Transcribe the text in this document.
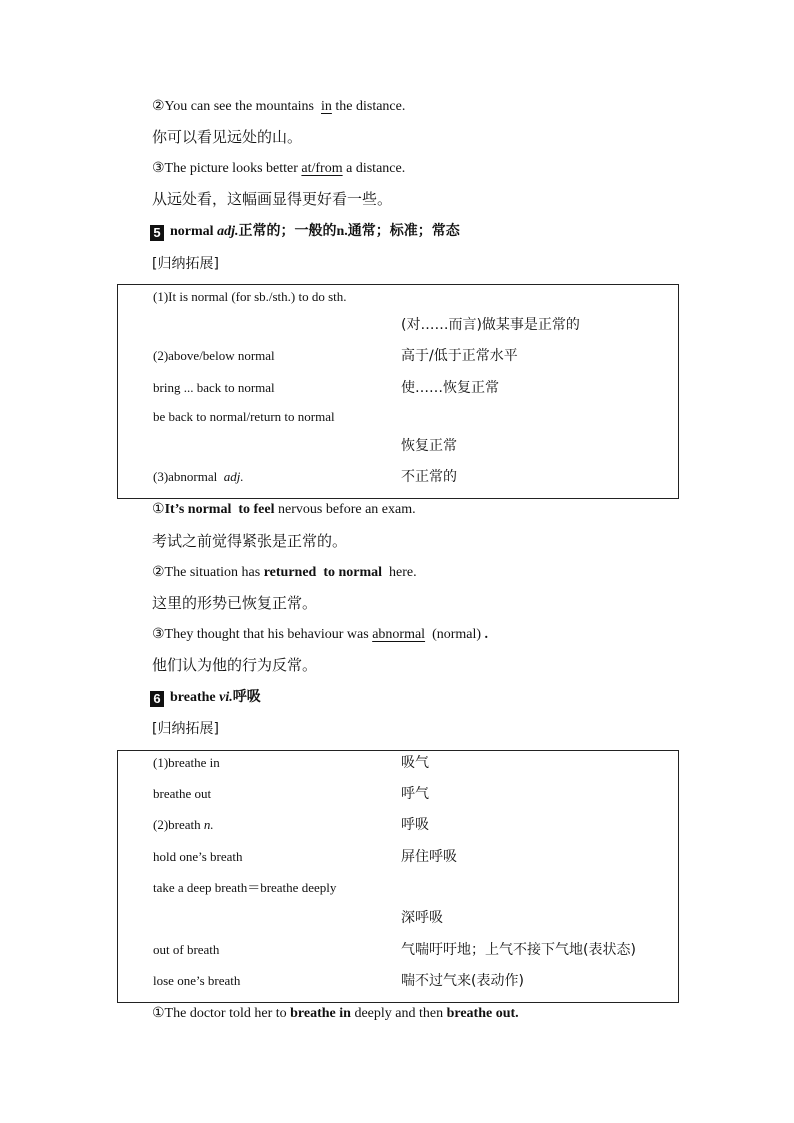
②You can see the mountains in the distance.
你可以看见远处的山。
③The picture looks better at/from a distance.
从远处看，这幅画显得更好看一些。
5 normal adj.正常的；一般的n.通常；标准；常态
[归纳拓展]
(1)It is normal (for sb./sth.) to do sth.
(对……而言)做某事是正常的
(2)above/below normal	高于/低于正常水平
bring ... back to normal	使……恢复正常
be back to normal/return to normal
恢复正常
(3)abnormal adj.	不正常的
①It’s normal to feel nervous before an exam.
考试之前觉得紧张是正常的。
②The situation has returned to normal here.
这里的形势已恢复正常。
③They thought that his behaviour was abnormal (normal) .
他们认为他的行为反常。
6 breathe vi.呼吸
[归纳拓展]
(1)breathe in	吸气
breathe out	呼气
(2)breath n.	呼吸
hold one’s breath	屏住呼吸
take a deep breath＝breathe deeply
深呼吸
out of breath	气喘吁吁地；上气不接下气地(表状态)
lose one’s breath	喘不过气来(表动作)
①The doctor told her to breathe in deeply and then breathe out.
